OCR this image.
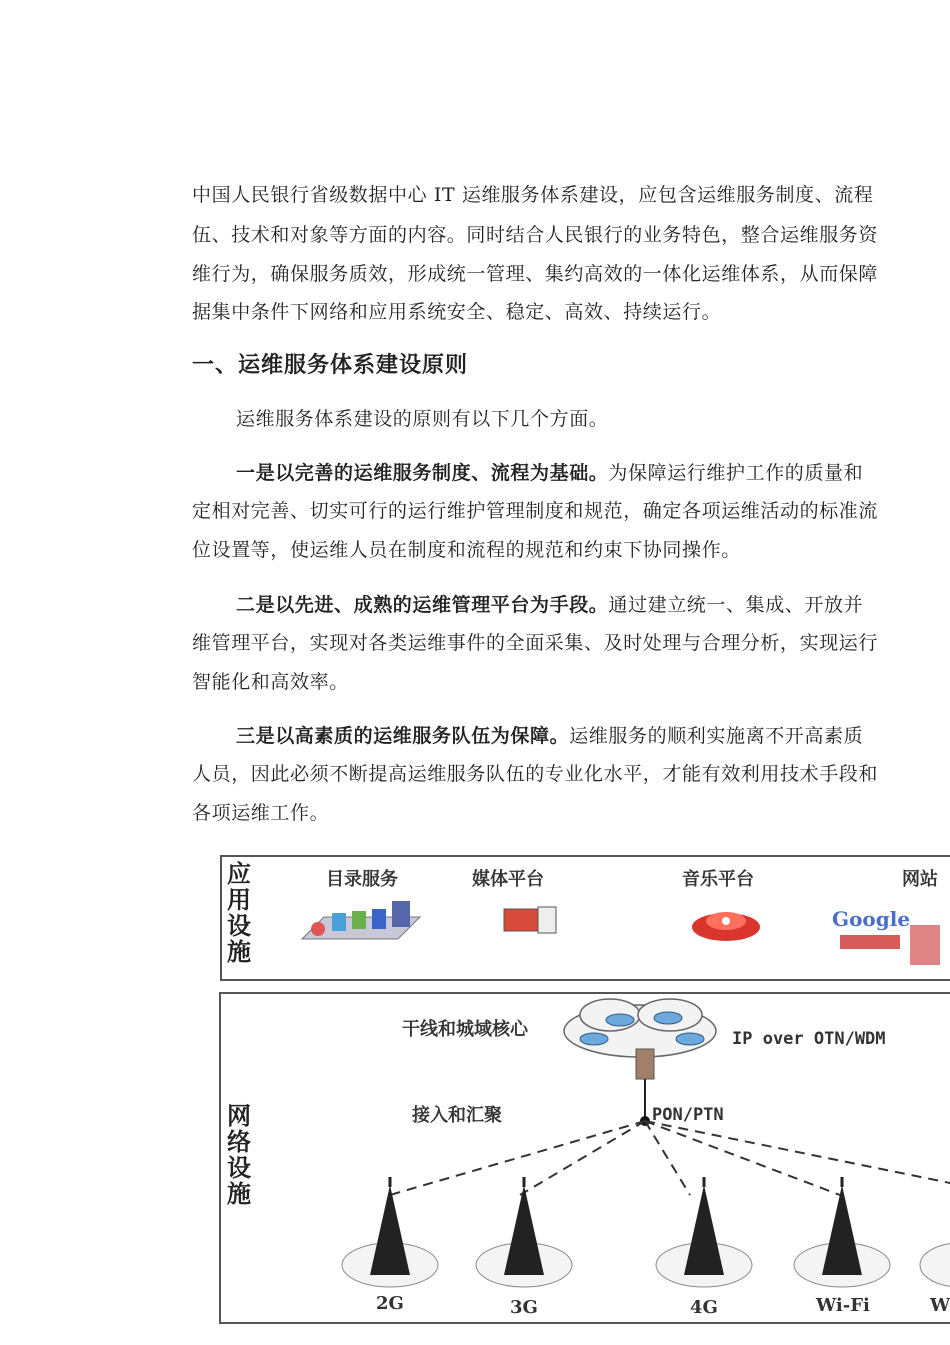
中国人民银行省级数据中心 IT 运维服务体系建设，应包含运维服务制度、流程
伍、技术和对象等方面的内容。同时结合人民银行的业务特色，整合运维服务资
维行为，确保服务质效，形成统一管理、集约高效的一体化运维体系，从而保障
据集中条件下网络和应用系统安全、稳定、高效、持续运行。
一、运维服务体系建设原则
运维服务体系建设的原则有以下几个方面。
一是以完善的运维服务制度、流程为基础。为保障运行维护工作的质量和
定相对完善、切实可行的运行维护管理制度和规范，确定各项运维活动的标准流
位设置等，使运维人员在制度和流程的规范和约束下协同操作。
二是以先进、成熟的运维管理平台为手段。通过建立统一、集成、开放并
维管理平台，实现对各类运维事件的全面采集、及时处理与合理分析，实现运行
智能化和高效率。
三是以高素质的运维服务队伍为保障。运维服务的顺利实施离不开高素质
人员，因此必须不断提高运维服务队伍的专业化水平，才能有效利用技术手段和
各项运维工作。
应用设施
目录服务	媒体平台	音乐平台	网站
Google
网络设施
干线和城域核心	IP over OTN/WDM
接入和汇聚	PON/PTN
2G	3G	4G	Wi-Fi	W
